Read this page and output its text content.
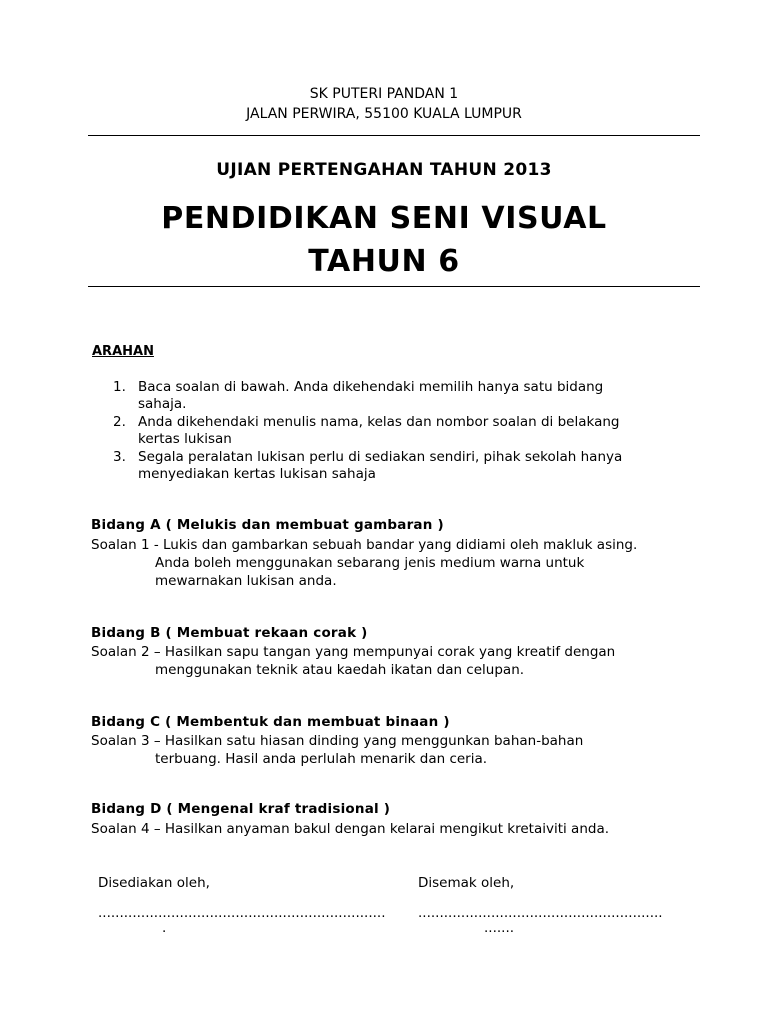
SK PUTERI PANDAN 1
JALAN PERWIRA, 55100 KUALA LUMPUR
UJIAN PERTENGAHAN TAHUN 2013
PENDIDIKAN SENI VISUAL
TAHUN 6
ARAHAN
1. Baca soalan di bawah. Anda dikehendaki memilih hanya satu bidang
sahaja.
2. Anda dikehendaki menulis nama, kelas dan nombor soalan di belakang
kertas lukisan
3. Segala peralatan lukisan perlu di sediakan sendiri, pihak sekolah hanya
menyediakan kertas lukisan sahaja
Bidang A ( Melukis dan membuat gambaran )
Soalan 1 - Lukis dan gambarkan sebuah bandar yang didiami oleh makluk asing.
Anda boleh menggunakan sebarang jenis medium warna untuk
mewarnakan lukisan anda.
Bidang B ( Membuat rekaan corak )
Soalan 2 – Hasilkan sapu tangan yang mempunyai corak yang kreatif dengan
menggunakan teknik atau kaedah ikatan dan celupan.
Bidang C ( Membentuk dan membuat binaan )
Soalan 3 – Hasilkan satu hiasan dinding yang menggunkan bahan-bahan
terbuang. Hasil anda perlulah menarik dan ceria.
Bidang D ( Mengenal kraf tradisional )
Soalan 4 – Hasilkan anyaman bakul dengan kelarai mengikut kretaiviti anda.
Disediakan oleh,	Disemak oleh,
...................................................................
.
.........................................................
.......
